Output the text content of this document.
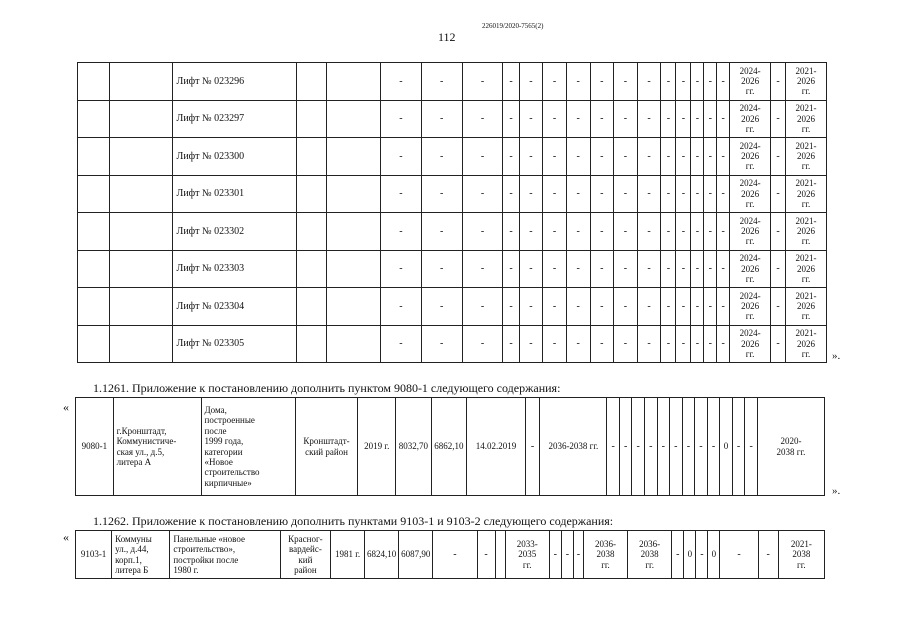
226019/2020-7565(2)
112
		Лифт № 023296			-	-	-	-	-	-	-	-	-	-	-	-	-	-	-	2024-
2026
гг.	-	2021-
2026
гг.
		Лифт № 023297			-	-	-	-	-	-	-	-	-	-	-	-	-	-	-	2024-
2026
гг.	-	2021-
2026
гг.
		Лифт № 023300			-	-	-	-	-	-	-	-	-	-	-	-	-	-	-	2024-
2026
гг.	-	2021-
2026
гг.
		Лифт № 023301			-	-	-	-	-	-	-	-	-	-	-	-	-	-	-	2024-
2026
гг.	-	2021-
2026
гг.
		Лифт № 023302			-	-	-	-	-	-	-	-	-	-	-	-	-	-	-	2024-
2026
гг.	-	2021-
2026
гг.
		Лифт № 023303			-	-	-	-	-	-	-	-	-	-	-	-	-	-	-	2024-
2026
гг.	-	2021-
2026
гг.
		Лифт № 023304			-	-	-	-	-	-	-	-	-	-	-	-	-	-	-	2024-
2026
гг.	-	2021-
2026
гг.
		Лифт № 023305			-	-	-	-	-	-	-	-	-	-	-	-	-	-	-	2024-
2026
гг.	-	2021-
2026
гг. ».
1.1261. Приложение к постановлению дополнить пунктом 9080-1 следующего содержания:
«
9080-1	г.Кронштадт,
Коммунистиче-
ская ул., д.5,
литера А	Дома,
построенные
после
1999 года,
категории
«Новое
строительство
кирпичные»	Кронштадт-
ский район	2019 г.	8032,70	6862,10	14.02.2019	-	2036-2038 гг.	-	-	-	-	-	-	-	-	-	0	-	-	2020-
2038 гг.
».
1.1262. Приложение к постановлению дополнить пунктами 9103-1 и 9103-2 следующего содержания:
«
9103-1	Коммуны
ул., д.44,
корп.1,
литера Б	Панельные «новое
строительство»,
постройки после
1980 г.	Красног-
вардейс-
кий
район	1981 г.	6824,10	6087,90	-	-		2033-
2035
гг.	-	-	-	2036-
2038
гг.	2036-
2038
гг.	-	0	-	0	-	-	2021-
2038
гг.
